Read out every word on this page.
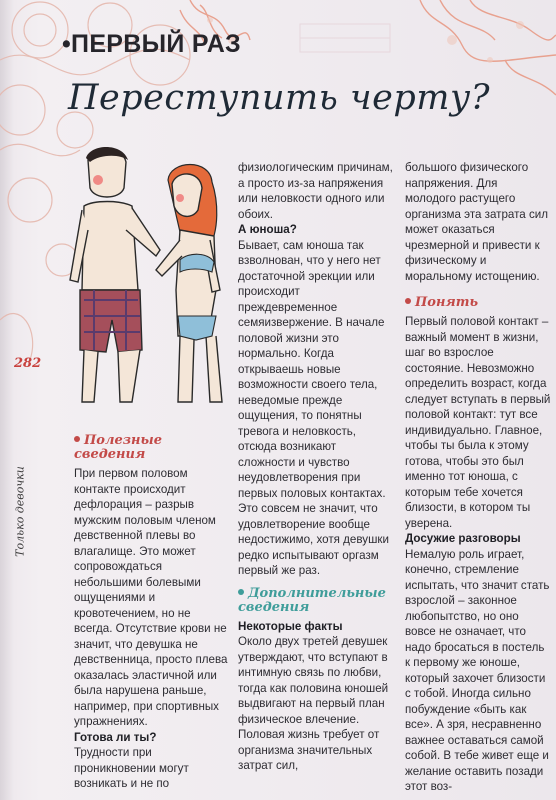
•ПЕРВЫЙ РАЗ
Переступить черту?
282
Только девочки
Полезные сведения

При первом половом контакте происходит дефлорация – разрыв мужским половым членом девственной плевы во влагалище. Это может сопровождаться небольшими болевыми ощущениями и кровотечением, но не всегда. Отсутствие крови не значит, что девушка не девственница, просто плева оказалась эластичной или была нарушена раньше, например, при спортивных упражнениях.

Готова ли ты?

Трудности при проникновении могут возникать и не по

физиологическим причинам, а просто из-за напряжения или неловкости одного или обоих.

А юноша?

Бывает, сам юноша так взволнован, что у него нет достаточной эрекции или происходит преждевременное семяизвержение. В начале половой жизни это нормально. Когда открываешь новые возможности своего тела, неведомые прежде ощущения, то понятны тревога и неловкость, отсюда возникают сложности и чувство неудовлетворения при первых половых контактах. Это совсем не значит, что удовлетворение вообще недостижимо, хотя девушки редко испытывают оргазм первый же раз.

Дополнительные сведения

Некоторые факты

Около двух третей девушек утверждают, что вступают в интимную связь по любви, тогда как половина юношей выдвигают на первый план физическое влечение. Половая жизнь требует от организма значительных затрат сил,

большого физического напряжения. Для молодого растущего организма эта затрата сил может оказаться чрезмерной и привести к физическому и моральному истощению.

Понять

Первый половой контакт – важный момент в жизни, шаг во взрослое состояние. Невозможно определить возраст, когда следует вступать в первый половой контакт: тут все индивидуально. Главное, чтобы ты была к этому готова, чтобы это был именно тот юноша, с которым тебе хочется близости, в котором ты уверена.

Досужие разговоры

Немалую роль играет, конечно, стремление испытать, что значит стать взрослой – законное любопытство, но оно вовсе не означает, что надо бросаться в постель к первому же юноше, который захочет близости с тобой. Иногда сильно побуждение «быть как все». А зря, несравненно важнее оставаться самой собой. В тебе живет еще и желание оставить позади этот воз-
